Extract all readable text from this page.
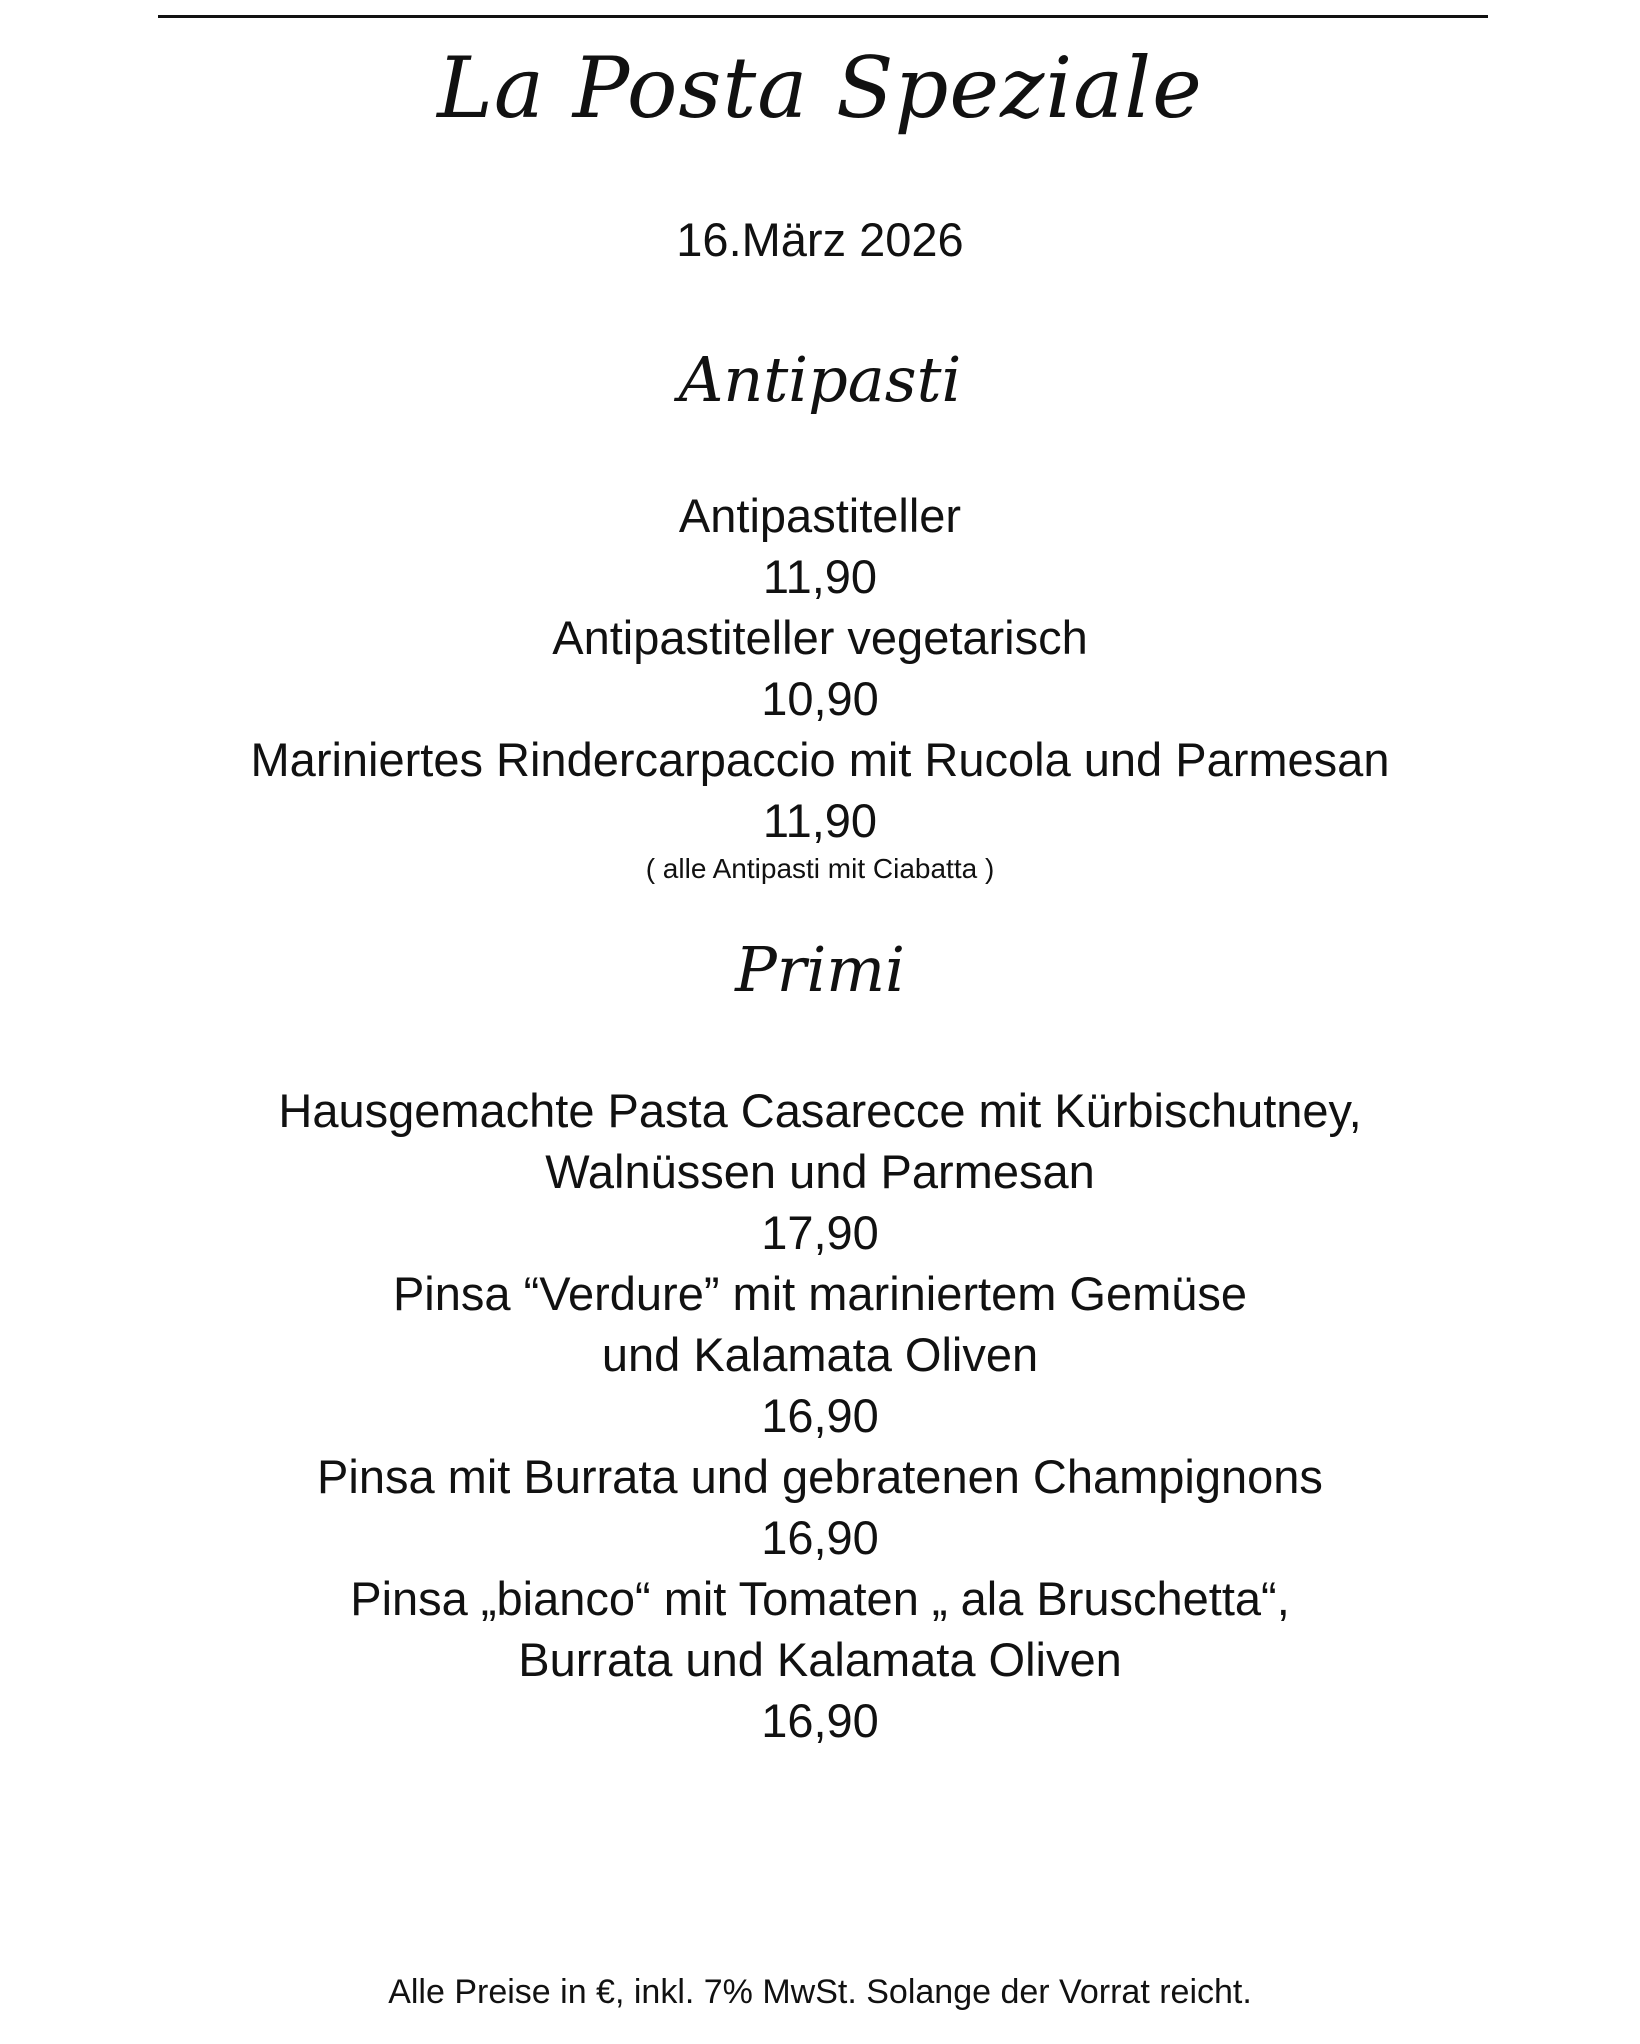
La Posta Speziale
16.März 2026
Antipasti
Antipastiteller
11,90
Antipastiteller vegetarisch
10,90
Mariniertes Rindercarpaccio mit Rucola und Parmesan
11,90
( alle Antipasti mit Ciabatta )
Primi
Hausgemachte Pasta Casarecce mit Kürbischutney,
Walnüssen und Parmesan
17,90
Pinsa “Verdure” mit mariniertem Gemüse
und Kalamata Oliven
16,90
Pinsa mit Burrata und gebratenen Champignons
16,90
Pinsa „bianco“ mit Tomaten „ ala Bruschetta“,
Burrata und Kalamata Oliven
16,90
Alle Preise in €, inkl. 7% MwSt. Solange der Vorrat reicht.
